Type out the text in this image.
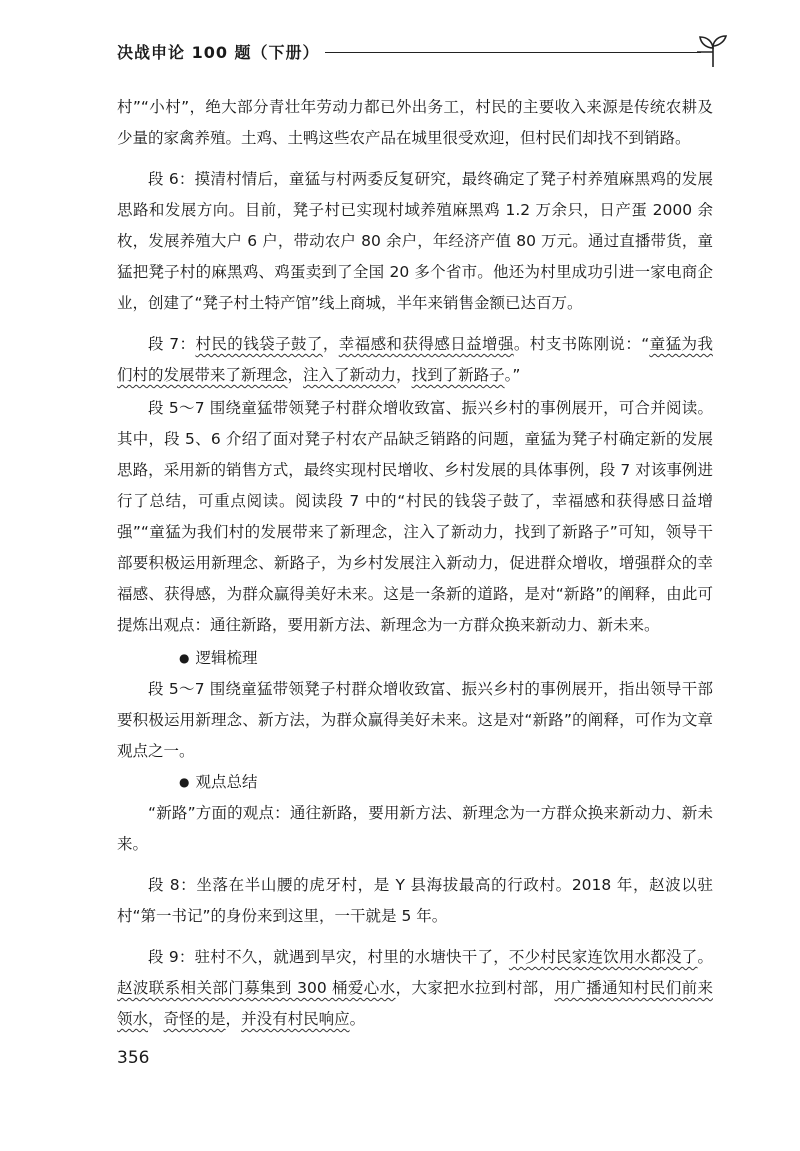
决战申论 100 题（下册）

村”“小村”，绝大部分青壮年劳动力都已外出务工，村民的主要收入来源是传统农耕及少量的家禽养殖。土鸡、土鸭这些农产品在城里很受欢迎，但村民们却找不到销路。

段 6：摸清村情后，童猛与村两委反复研究，最终确定了凳子村养殖麻黑鸡的发展思路和发展方向。目前，凳子村已实现村域养殖麻黑鸡 1.2 万余只，日产蛋 2000 余枚，发展养殖大户 6 户，带动农户 80 余户，年经济产值 80 万元。通过直播带货，童猛把凳子村的麻黑鸡、鸡蛋卖到了全国 20 多个省市。他还为村里成功引进一家电商企业，创建了“凳子村土特产馆”线上商城，半年来销售金额已达百万。

段 7：村民的钱袋子鼓了，幸福感和获得感日益增强。村支书陈刚说：“童猛为我们村的发展带来了新理念，注入了新动力，找到了新路子。”

段 5～7 围绕童猛带领凳子村群众增收致富、振兴乡村的事例展开，可合并阅读。其中，段 5、6 介绍了面对凳子村农产品缺乏销路的问题，童猛为凳子村确定新的发展思路，采用新的销售方式，最终实现村民增收、乡村发展的具体事例，段 7 对该事例进行了总结，可重点阅读。阅读段 7 中的“村民的钱袋子鼓了，幸福感和获得感日益增强”“童猛为我们村的发展带来了新理念，注入了新动力，找到了新路子”可知，领导干部要积极运用新理念、新路子，为乡村发展注入新动力，促进群众增收，增强群众的幸福感、获得感，为群众赢得美好未来。这是一条新的道路，是对“新路”的阐释，由此可提炼出观点：通往新路，要用新方法、新理念为一方群众换来新动力、新未来。

● 逻辑梳理

段 5～7 围绕童猛带领凳子村群众增收致富、振兴乡村的事例展开，指出领导干部要积极运用新理念、新方法，为群众赢得美好未来。这是对“新路”的阐释，可作为文章观点之一。

● 观点总结

“新路”方面的观点：通往新路，要用新方法、新理念为一方群众换来新动力、新未来。

段 8：坐落在半山腰的虎牙村，是 Y 县海拔最高的行政村。2018 年，赵波以驻村“第一书记”的身份来到这里，一干就是 5 年。

段 9：驻村不久，就遇到旱灾，村里的水塘快干了，不少村民家连饮用水都没了。赵波联系相关部门募集到 300 桶爱心水，大家把水拉到村部，用广播通知村民们前来领水，奇怪的是，并没有村民响应。

356
